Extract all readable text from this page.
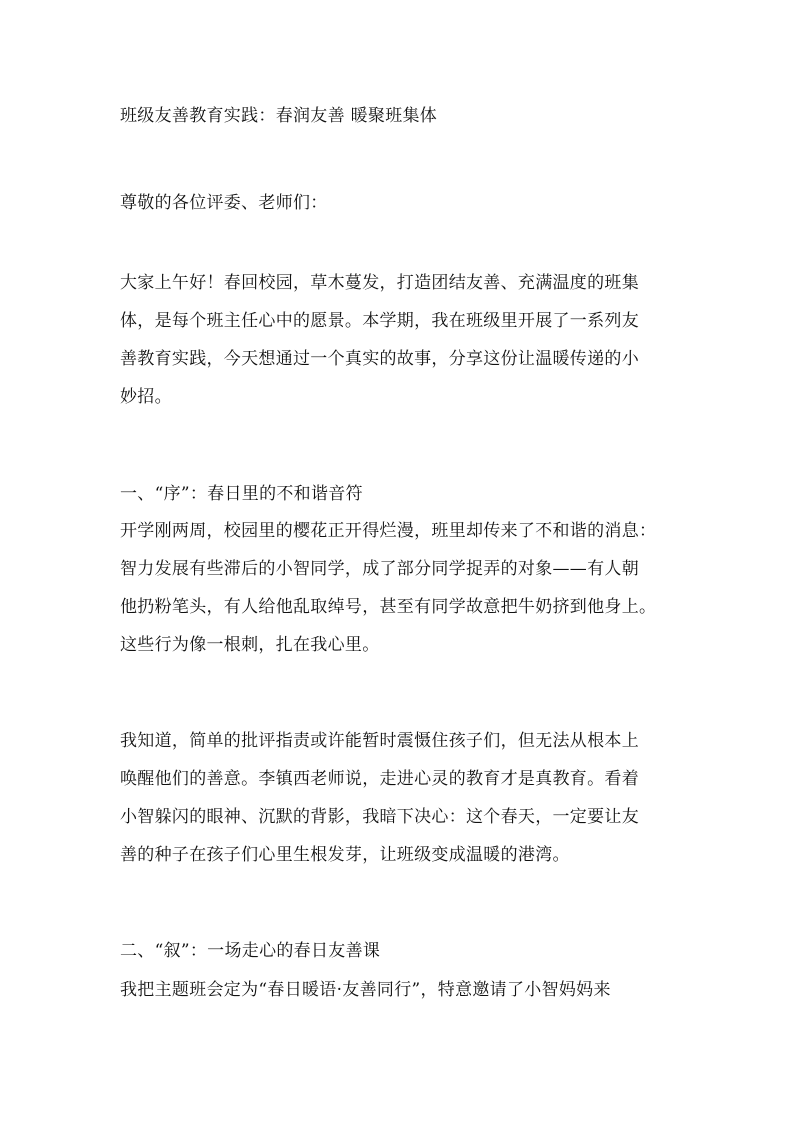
班级友善教育实践：春润友善 暖聚班集体
尊敬的各位评委、老师们：
大家上午好！春回校园，草木蔓发，打造团结友善、充满温度的班集
体，是每个班主任心中的愿景。本学期，我在班级里开展了一系列友
善教育实践，今天想通过一个真实的故事，分享这份让温暖传递的小
妙招。
一、“序”：春日里的不和谐音符
开学刚两周，校园里的樱花正开得烂漫，班里却传来了不和谐的消息：
智力发展有些滞后的小智同学，成了部分同学捉弄的对象——有人朝
他扔粉笔头，有人给他乱取绰号，甚至有同学故意把牛奶挤到他身上。
这些行为像一根刺，扎在我心里。
我知道，简单的批评指责或许能暂时震慑住孩子们，但无法从根本上
唤醒他们的善意。李镇西老师说，走进心灵的教育才是真教育。看着
小智躲闪的眼神、沉默的背影，我暗下决心：这个春天，一定要让友
善的种子在孩子们心里生根发芽，让班级变成温暖的港湾。
二、“叙”：一场走心的春日友善课
我把主题班会定为“春日暖语·友善同行”，特意邀请了小智妈妈来
